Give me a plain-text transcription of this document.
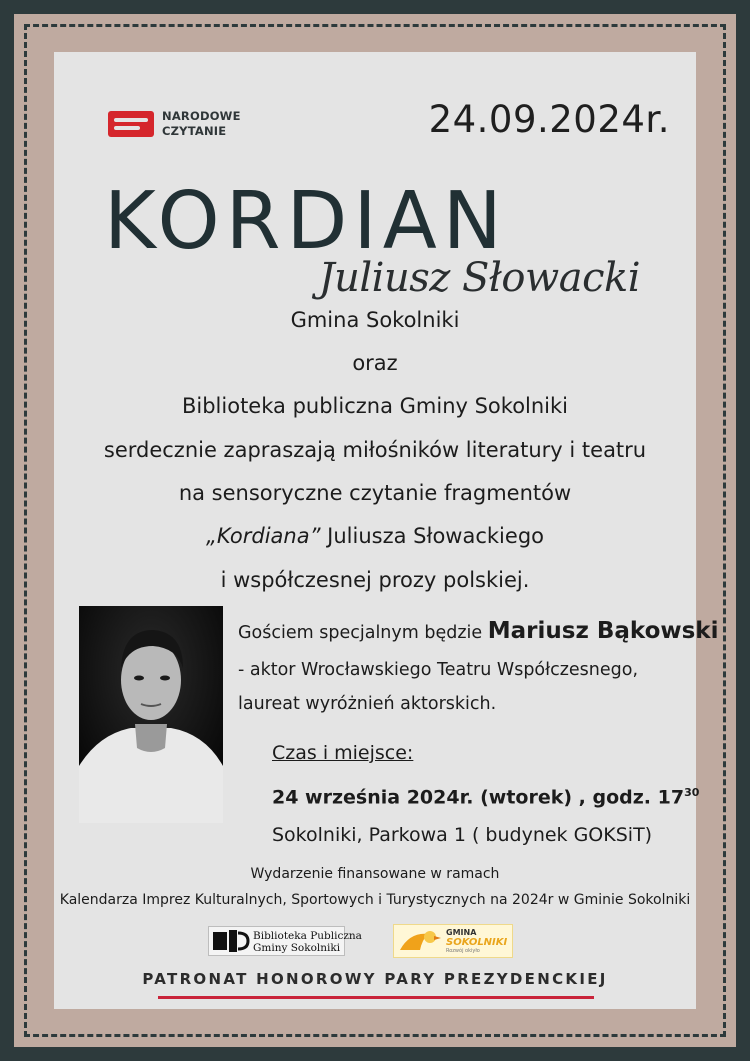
NARODOWE
CZYTANIE	24.09.2024r.
KORDIAN
Juliusz Słowacki
Gmina Sokolniki
oraz
Biblioteka publiczna Gminy Sokolniki
serdecznie zapraszają miłośników literatury i teatru
na sensoryczne czytanie fragmentów
„Kordiana” Juliusza Słowackiego
i współczesnej prozy polskiej.
Gościem specjalnym będzie Mariusz Bąkowski
- aktor Wrocławskiego Teatru Współczesnego,
laureat wyróżnień aktorskich.
Czas i miejsce:
24 września 2024r. (wtorek) , godz. $17^{30}$
Sokolniki, Parkowa 1 ( budynek GOKSiT)
Wydarzenie finansowane w ramach
Kalendarza Imprez Kulturalnych, Sportowych i Turystycznych na 2024r w Gminie Sokolniki
Biblioteka Publiczna
Gminy Sokolniki
GMINA
SOKOLNIKI
Rozwój okiyło
PATRONAT HONOROWY PARY PREZYDENCKIEJ
